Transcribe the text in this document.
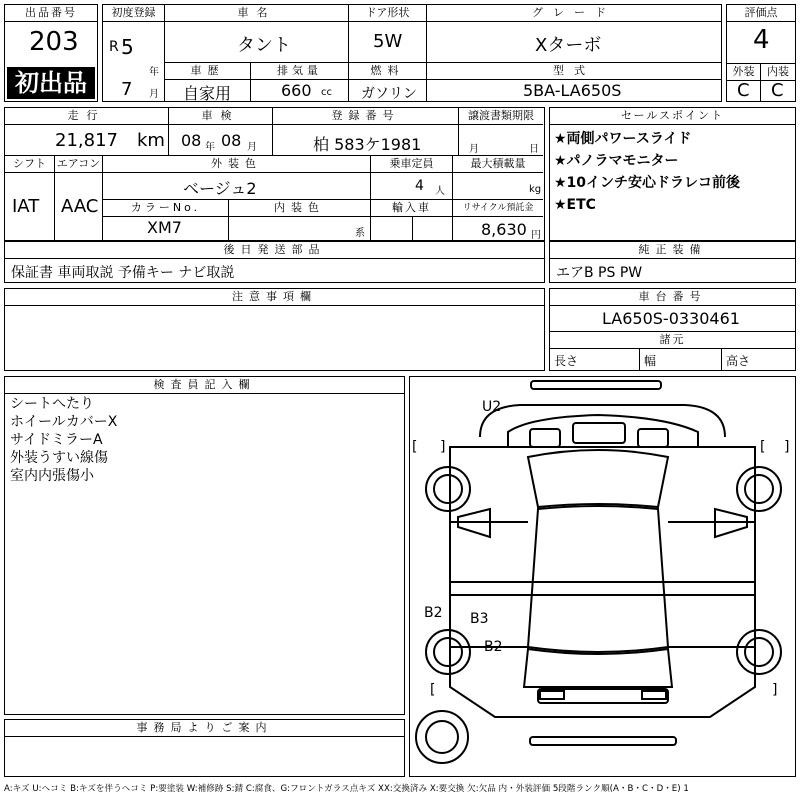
出品番号
203
初出品
初度登録
R 5
年
7 月
車名
タント
ドア形状
5W
グレード
Xターボ
車歴
自家用
排気量
660 cc
燃料
ガソリン
型式
5BA-LA650S
評価点
4
外装
C
内装
C
走行
21,817 km
車検
08 年 08 月
登録番号
柏 583ケ1981
譲渡書類期限
月	日
シフト
IAT
エアコン
AAC
外装色
ベージュ2
乗車定員
4 人
最大積載量
kg
カラーNo.
XM7
内装色
系
輸入車	リサイクル預託金
8,630 円
セールスポイント
★両側パワースライド
★パノラマモニター
★10インチ安心ドラレコ前後
★ETC
後日発送部品
保証書 車両取説 予備キー ナビ取説
純正装備
エアB PS PW
注意事項欄	車台番号
LA650S-0330461
諸元
長さ	幅	高さ
検査員記入欄
シートへたり
ホイールカバーX
サイドミラーA
外装うすい線傷
室内内張傷小
事務局よりご案内
U2
B2 B3
B2
[ ]	[ ]
[	]
A:キズ U:ヘコミ B:キズを伴うヘコミ P:要塗装 W:補修跡 S:錆 C:腐食、G:フロントガラス点キズ XX:交換済み X:要交換 欠:欠品 内・外装評価 5段階ランク順(A・B・C・D・E) 1
